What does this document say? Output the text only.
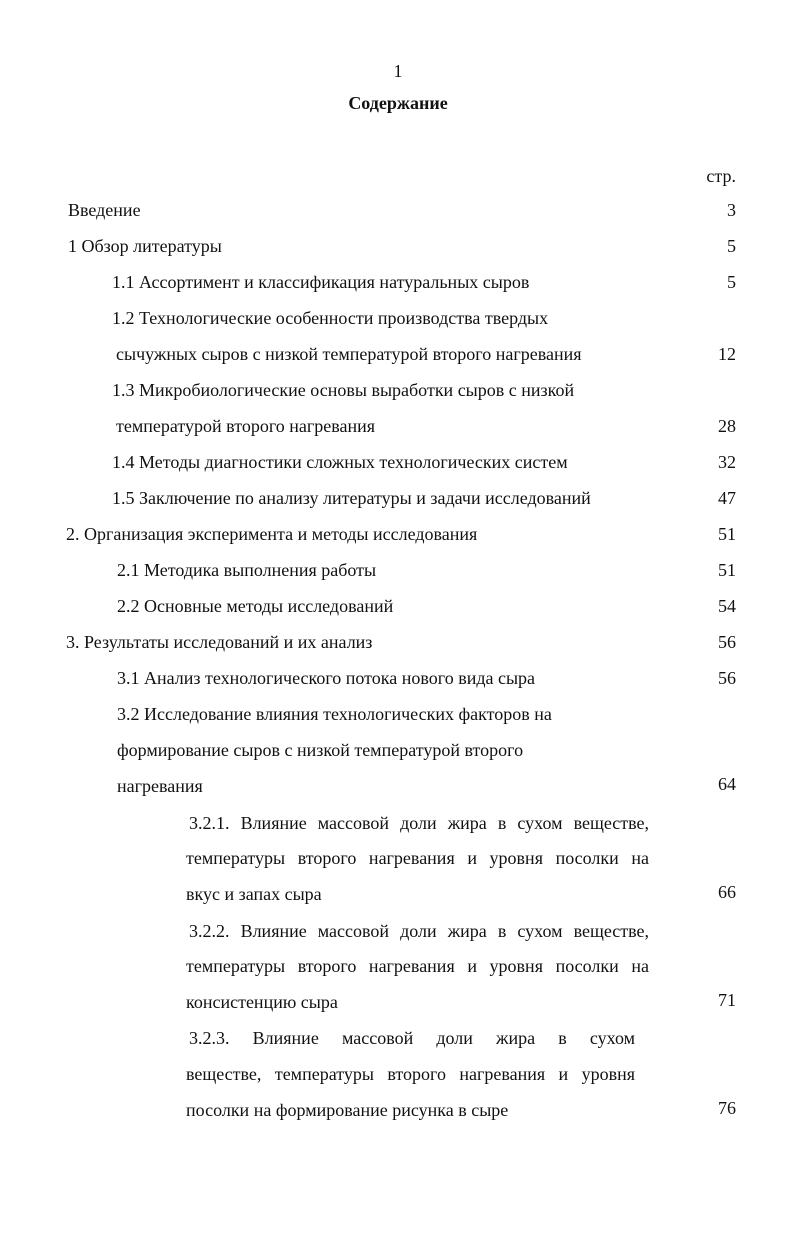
1
Содержание
стр.
Введение	3
1 Обзор литературы	5
1.1 Ассортимент и классификация натуральных сыров	5
1.2 Технологические особенности производства твердых
сычужных сыров с низкой температурой второго нагревания	12
1.3 Микробиологические основы выработки сыров с низкой
температурой второго нагревания	28
1.4 Методы диагностики сложных технологических систем	32
1.5 Заключение по анализу литературы и задачи исследований	47
2. Организация эксперимента и методы исследования	51
2.1 Методика выполнения работы	51
2.2 Основные методы исследований	54
3. Результаты исследований и их анализ	56
3.1 Анализ технологического потока нового вида сыра	56
3.2 Исследование влияния технологических факторов на
формирование сыров с низкой температурой второго
нагревания	64
3.2.1. Влияние массовой доли жира в сухом веществе,
температуры второго нагревания и уровня посолки на
вкус и запах сыра	66
3.2.2. Влияние массовой доли жира в сухом веществе,
температуры второго нагревания и уровня посолки на
консистенцию сыра	71
3.2.3. Влияние массовой доли жира в сухом
веществе, температуры второго нагревания и уровня
посолки на формирование рисунка в сыре	76
